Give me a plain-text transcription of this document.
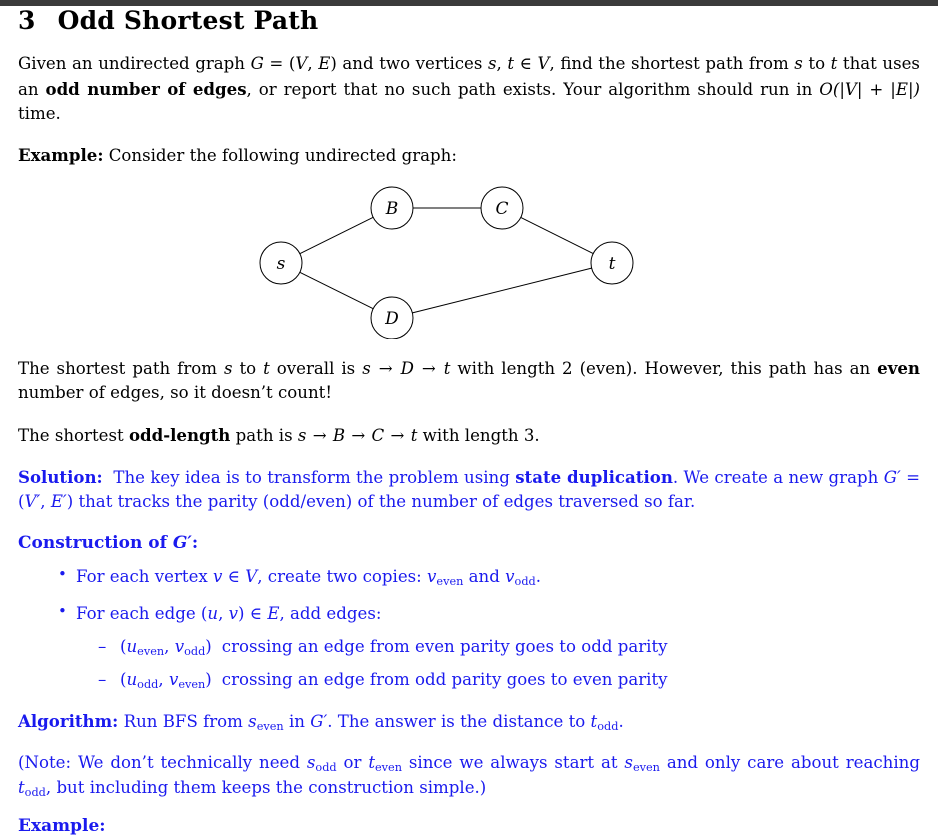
3 Odd Shortest Path

Given an undirected graph G = (V, E) and two vertices s, t ∈ V, find the shortest path from s to t that uses an odd number of edges, or report that no such path exists. Your algorithm should run in O(|V| + |E|) time.

Example: Consider the following undirected graph:

s
B	C
D
t

The shortest path from s to t overall is s → D → t with length 2 (even). However, this path has an even number of edges, so it doesn’t count!

The shortest odd-length path is s → B → C → t with length 3.

Solution: The key idea is to transform the problem using state duplication. We create a new graph G′ = (V′, E′) that tracks the parity (odd/even) of the number of edges traversed so far.

Construction of G′:

• For each vertex v ∈ V, create two copies: $v_{even}$ and $v_{odd}$.
• For each edge (u, v) ∈ E, add edges:
– ($u_{even}$, $v_{odd}$) crossing an edge from even parity goes to odd parity
– ($u_{odd}$, $v_{even}$) crossing an edge from odd parity goes to even parity

Algorithm: Run BFS from $s_{even}$ in G′. The answer is the distance to $t_{odd}$.

(Note: We don’t technically need $s_{odd}$ or $t_{even}$ since we always start at $s_{even}$ and only care about reaching $t_{odd}$, but including them keeps the construction simple.)

Example:
